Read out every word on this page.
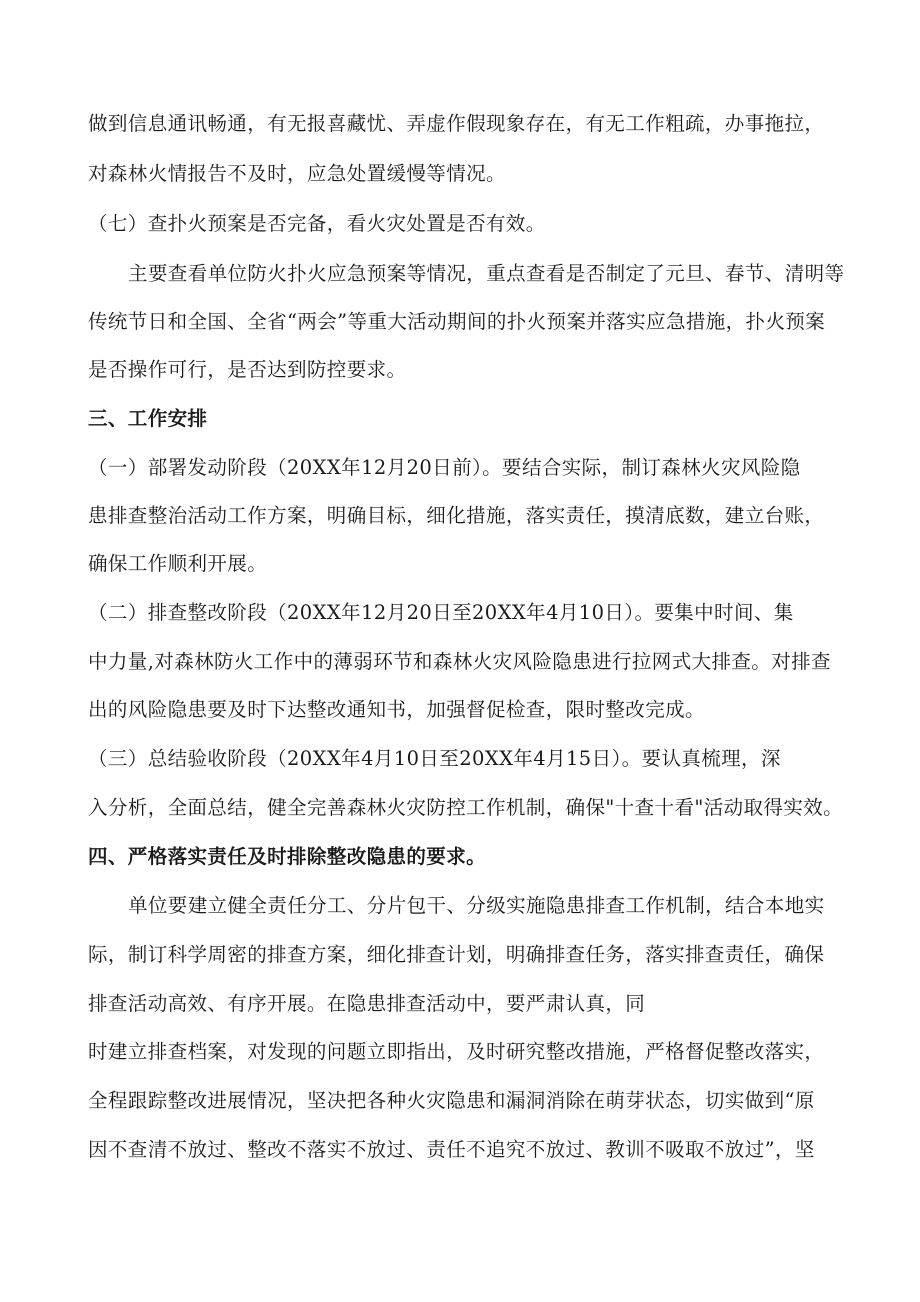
做到信息通讯畅通，有无报喜藏忧、弄虚作假现象存在，有无工作粗疏，办事拖拉，
对森林火情报告不及时，应急处置缓慢等情况。
（七）查扑火预案是否完备，看火灾处置是否有效。
主要查看单位防火扑火应急预案等情况，重点查看是否制定了元旦、春节、清明等
传统节日和全国、全省“两会”等重大活动期间的扑火预案并落实应急措施，扑火预案
是否操作可行，是否达到防控要求。
三、工作安排
（一）部署发动阶段（20XX年12月20日前）。要结合实际，制订森林火灾风险隐
患排查整治活动工作方案，明确目标，细化措施，落实责任，摸清底数，建立台账，
确保工作顺利开展。
（二）排查整改阶段（20XX年12月20日至20XX年4月10日）。要集中时间、集
中力量,对森林防火工作中的薄弱环节和森林火灾风险隐患进行拉网式大排查。对排查
出的风险隐患要及时下达整改通知书，加强督促检查，限时整改完成。
（三）总结验收阶段（20XX年4月10日至20XX年4月15日）。要认真梳理，深
入分析，全面总结，健全完善森林火灾防控工作机制，确保"十查十看"活动取得实效。
四、严格落实责任及时排除整改隐患的要求。
单位要建立健全责任分工、分片包干、分级实施隐患排查工作机制，结合本地实
际，制订科学周密的排查方案，细化排查计划，明确排查任务，落实排查责任，确保
排查活动高效、有序开展。在隐患排查活动中，要严肃认真，同
时建立排查档案，对发现的问题立即指出，及时研究整改措施，严格督促整改落实，
全程跟踪整改进展情况，坚决把各种火灾隐患和漏洞消除在萌芽状态，切实做到“原
因不查清不放过、整改不落实不放过、责任不追究不放过、教训不吸取不放过”，坚
